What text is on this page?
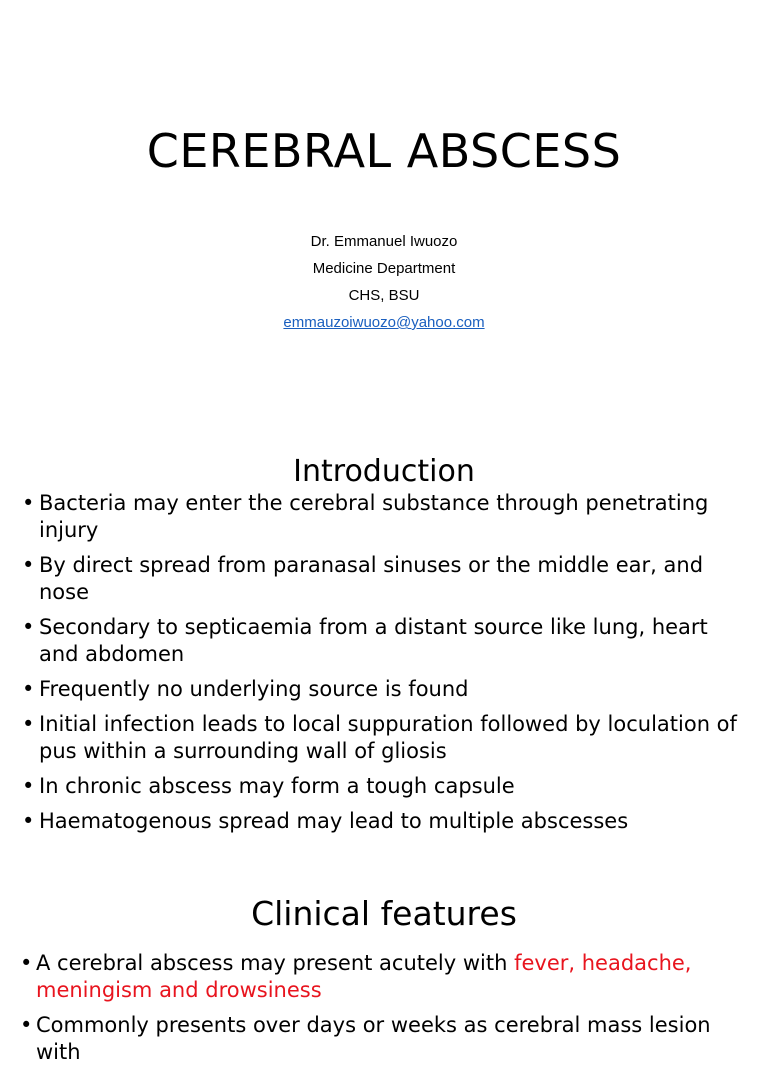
CEREBRAL ABSCESS
Dr. Emmanuel Iwuozo
Medicine Department
CHS, BSU
emmauzoiwuozo@yahoo.com
Introduction
• Bacteria may enter the cerebral substance through penetrating injury
• By direct spread from paranasal sinuses or the middle ear, and nose
• Secondary to septicaemia from a distant source like lung, heart and abdomen
• Frequently no underlying source is found
• Initial infection leads to local suppuration followed by loculation of pus within a surrounding wall of gliosis
• In chronic abscess may form a tough capsule
• Haematogenous spread may lead to multiple abscesses
Clinical features
• A cerebral abscess may present acutely with fever, headache, meningism and drowsiness
• Commonly presents over days or weeks as cerebral mass lesion with
